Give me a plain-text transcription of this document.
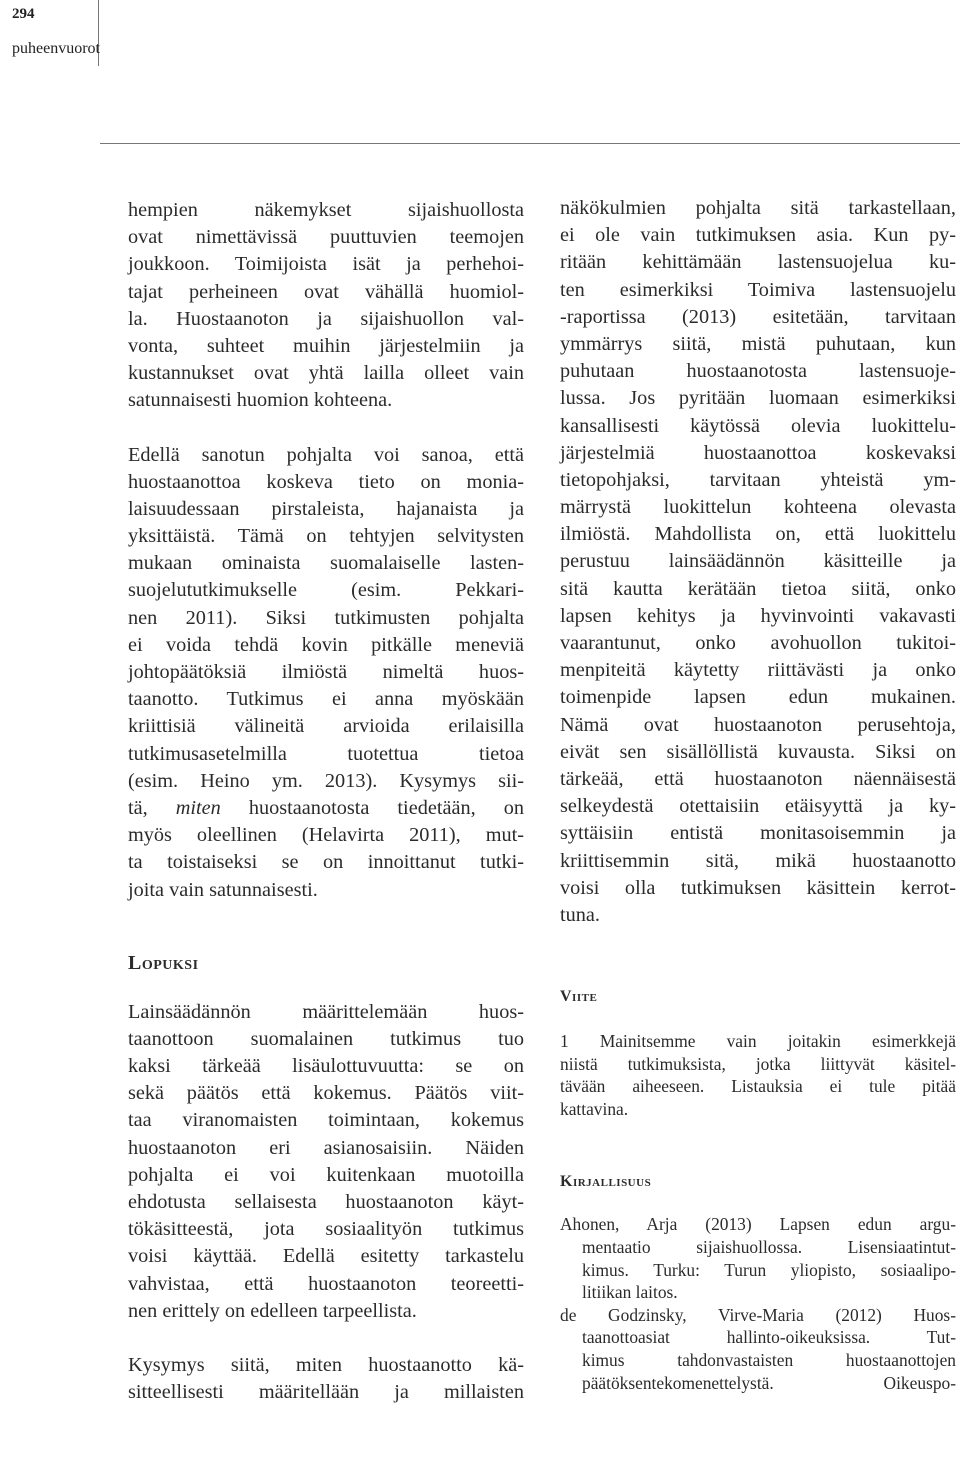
294
puheenvuorot
hempien näkemykset sijaishuollosta
ovat nimettävissä puuttuvien teemojen
joukkoon. Toimijoista isät ja perhehoi-
tajat perheineen ovat vähällä huomiol-
la. Huostaanoton ja sijaishuollon val-
vonta, suhteet muihin järjestelmiin ja
kustannukset ovat yhtä lailla olleet vain
satunnaisesti huomion kohteena.
Edellä sanotun pohjalta voi sanoa, että
huostaanottoa koskeva tieto on monia-
laisuudessaan pirstaleista, hajanaista ja
yksittäistä. Tämä on tehtyjen selvitysten
mukaan ominaista suomalaiselle lasten-
suojelututkimukselle (esim. Pekkari-
nen 2011). Siksi tutkimusten pohjalta
ei voida tehdä kovin pitkälle meneviä
johtopäätöksiä ilmiöstä nimeltä huos-
taanotto. Tutkimus ei anna myöskään
kriittisiä välineitä arvioida erilaisilla
tutkimusasetelmilla tuotettua tietoa
(esim. Heino ym. 2013). Kysymys sii-
tä, miten huostaanotosta tiedetään, on
myös oleellinen (Helavirta 2011), mut-
ta toistaiseksi se on innoittanut tutki-
joita vain satunnaisesti.
Lopuksi
Lainsäädännön määrittelemään huos-
taanottoon suomalainen tutkimus tuo
kaksi tärkeää lisäulottuvuutta: se on
sekä päätös että kokemus. Päätös viit-
taa viranomaisten toimintaan, kokemus
huostaanoton eri asianosaisiin. Näiden
pohjalta ei voi kuitenkaan muotoilla
ehdotusta sellaisesta huostaanoton käyt-
tökäsitteestä, jota sosiaalityön tutkimus
voisi käyttää. Edellä esitetty tarkastelu
vahvistaa, että huostaanoton teoreetti-
nen erittely on edelleen tarpeellista.
Kysymys siitä, miten huostaanotto kä-
sitteellisesti määritellään ja millaisten
näkökulmien pohjalta sitä tarkastellaan,
ei ole vain tutkimuksen asia. Kun py-
ritään kehittämään lastensuojelua ku-
ten esimerkiksi Toimiva lastensuojelu
-raportissa (2013) esitetään, tarvitaan
ymmärrys siitä, mistä puhutaan, kun
puhutaan huostaanotosta lastensuoje-
lussa. Jos pyritään luomaan esimerkiksi
kansallisesti käytössä olevia luokittelu-
järjestelmiä huostaanottoa koskevaksi
tietopohjaksi, tarvitaan yhteistä ym-
märrystä luokittelun kohteena olevasta
ilmiöstä. Mahdollista on, että luokittelu
perustuu lainsäädännön käsitteille ja
sitä kautta kerätään tietoa siitä, onko
lapsen kehitys ja hyvinvointi vakavasti
vaarantunut, onko avohuollon tukitoi-
menpiteitä käytetty riittävästi ja onko
toimenpide lapsen edun mukainen.
Nämä ovat huostaanoton perusehtoja,
eivät sen sisällöllistä kuvausta. Siksi on
tärkeää, että huostaanoton näennäisestä
selkeydestä otettaisiin etäisyyttä ja ky-
syttäisiin entistä monitasoisemmin ja
kriittisemmin sitä, mikä huostaanotto
voisi olla tutkimuksen käsittein kerrot-
tuna.
Viite
1 Mainitsemme vain joitakin esimerkkejä
niistä tutkimuksista, jotka liittyvät käsitel-
tävään aiheeseen. Listauksia ei tule pitää
kattavina.
Kirjallisuus
Ahonen, Arja (2013) Lapsen edun argu-
mentaatio sijaishuollossa. Lisensiaatintut-
kimus. Turku: Turun yliopisto, sosiaalipo-
litiikan laitos.
de Godzinsky, Virve-Maria (2012) Huos-
taanottoasiat hallinto-oikeuksissa. Tut-
kimus tahdonvastaisten huostaanottojen
päätöksentekomenettelystä. Oikeuspo-
